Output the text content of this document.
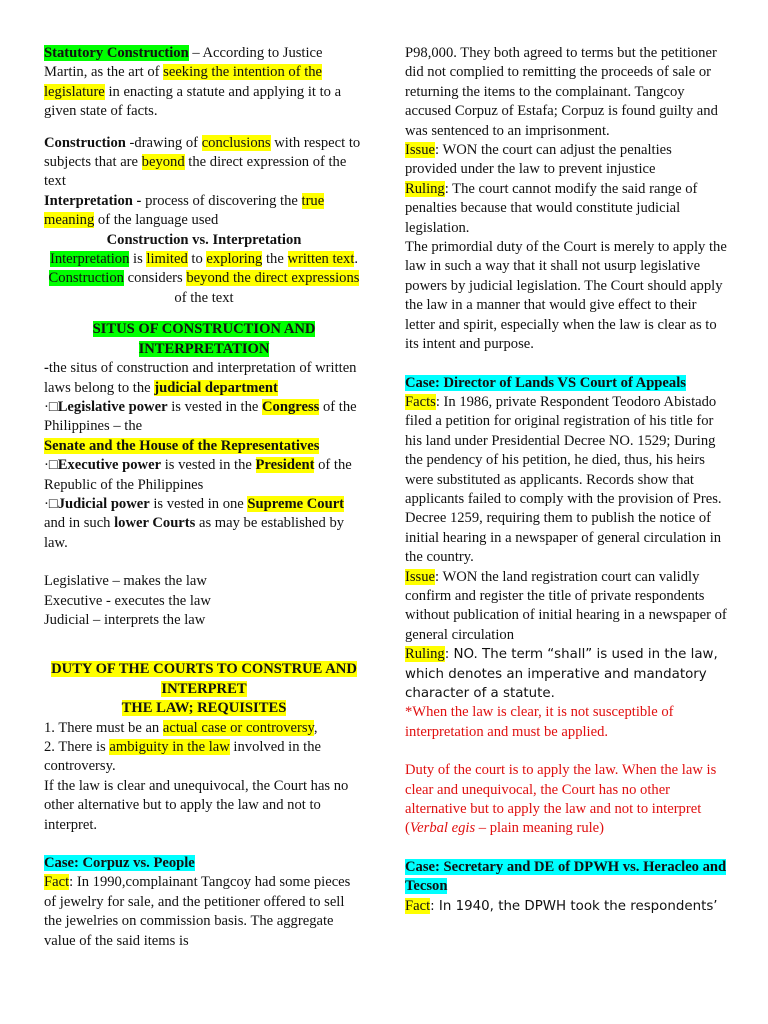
Statutory Construction – According to Justice Martin, as the art of seeking the intention of the legislature in enacting a statute and applying it to a given state of facts.

Construction -drawing of conclusions with respect to subjects that are beyond the direct expression of the text

Interpretation - process of discovering the true meaning of the language used

Construction vs. Interpretation

Interpretation is limited to exploring the written text. Construction considers beyond the direct expressions of the text

SITUS OF CONSTRUCTION AND
INTERPRETATION

-the situs of construction and interpretation of written laws belong to the judicial department

·□Legislative power is vested in the Congress of the Philippines – the
Senate and the House of the Representatives

·□Executive power is vested in the President of the Republic of the Philippines

·□Judicial power is vested in one Supreme Court and in such lower Courts as may be established by law.

Legislative – makes the law

Executive - executes the law

Judicial – interprets the law

DUTY OF THE COURTS TO CONSTRUE AND INTERPRET
THE LAW; REQUISITES

1. There must be an actual case or controversy,

2. There is ambiguity in the law involved in the controversy.

If the law is clear and unequivocal, the Court has no other alternative but to apply the law and not to interpret.

Case: Corpuz vs. People

Fact: In 1990,complainant Tangcoy had some pieces of jewelry for sale, and the petitioner offered to sell the jewelries on commission basis. The aggregate value of the said items is

P98,000. They both agreed to terms but the petitioner did not complied to remitting the proceeds of sale or returning the items to the complainant. Tangcoy accused Corpuz of Estafa; Corpuz is found guilty and was sentenced to an imprisonment.

Issue: WON the court can adjust the penalties provided under the law to prevent injustice

Ruling: The court cannot modify the said range of penalties because that would constitute judicial legislation.

The primordial duty of the Court is merely to apply the law in such a way that it shall not usurp legislative powers by judicial legislation. The Court should apply the law in a manner that would give effect to their letter and spirit, especially when the law is clear as to its intent and purpose.

Case: Director of Lands VS Court of Appeals

Facts: In 1986, private Respondent Teodoro Abistado filed a petition for original registration of his title for his land under Presidential Decree NO. 1529; During the pendency of his petition, he died, thus, his heirs were substituted as applicants. Records show that applicants failed to comply with the provision of Pres. Decree 1259, requiring them to publish the notice of initial hearing in a newspaper of general circulation in the country.

Issue: WON the land registration court can validly confirm and register the title of private respondents without publication of initial hearing in a newspaper of general circulation

Ruling: NO. The term “shall” is used in the law, which denotes an imperative and mandatory character of a statute.

*When the law is clear, it is not susceptible of interpretation and must be applied.

Duty of the court is to apply the law. When the law is clear and unequivocal, the Court has no other alternative but to apply the law and not to interpret (Verbal egis – plain meaning rule)

Case: Secretary and DE of DPWH vs. Heracleo and Tecson

Fact: In 1940, the DPWH took the respondents’
